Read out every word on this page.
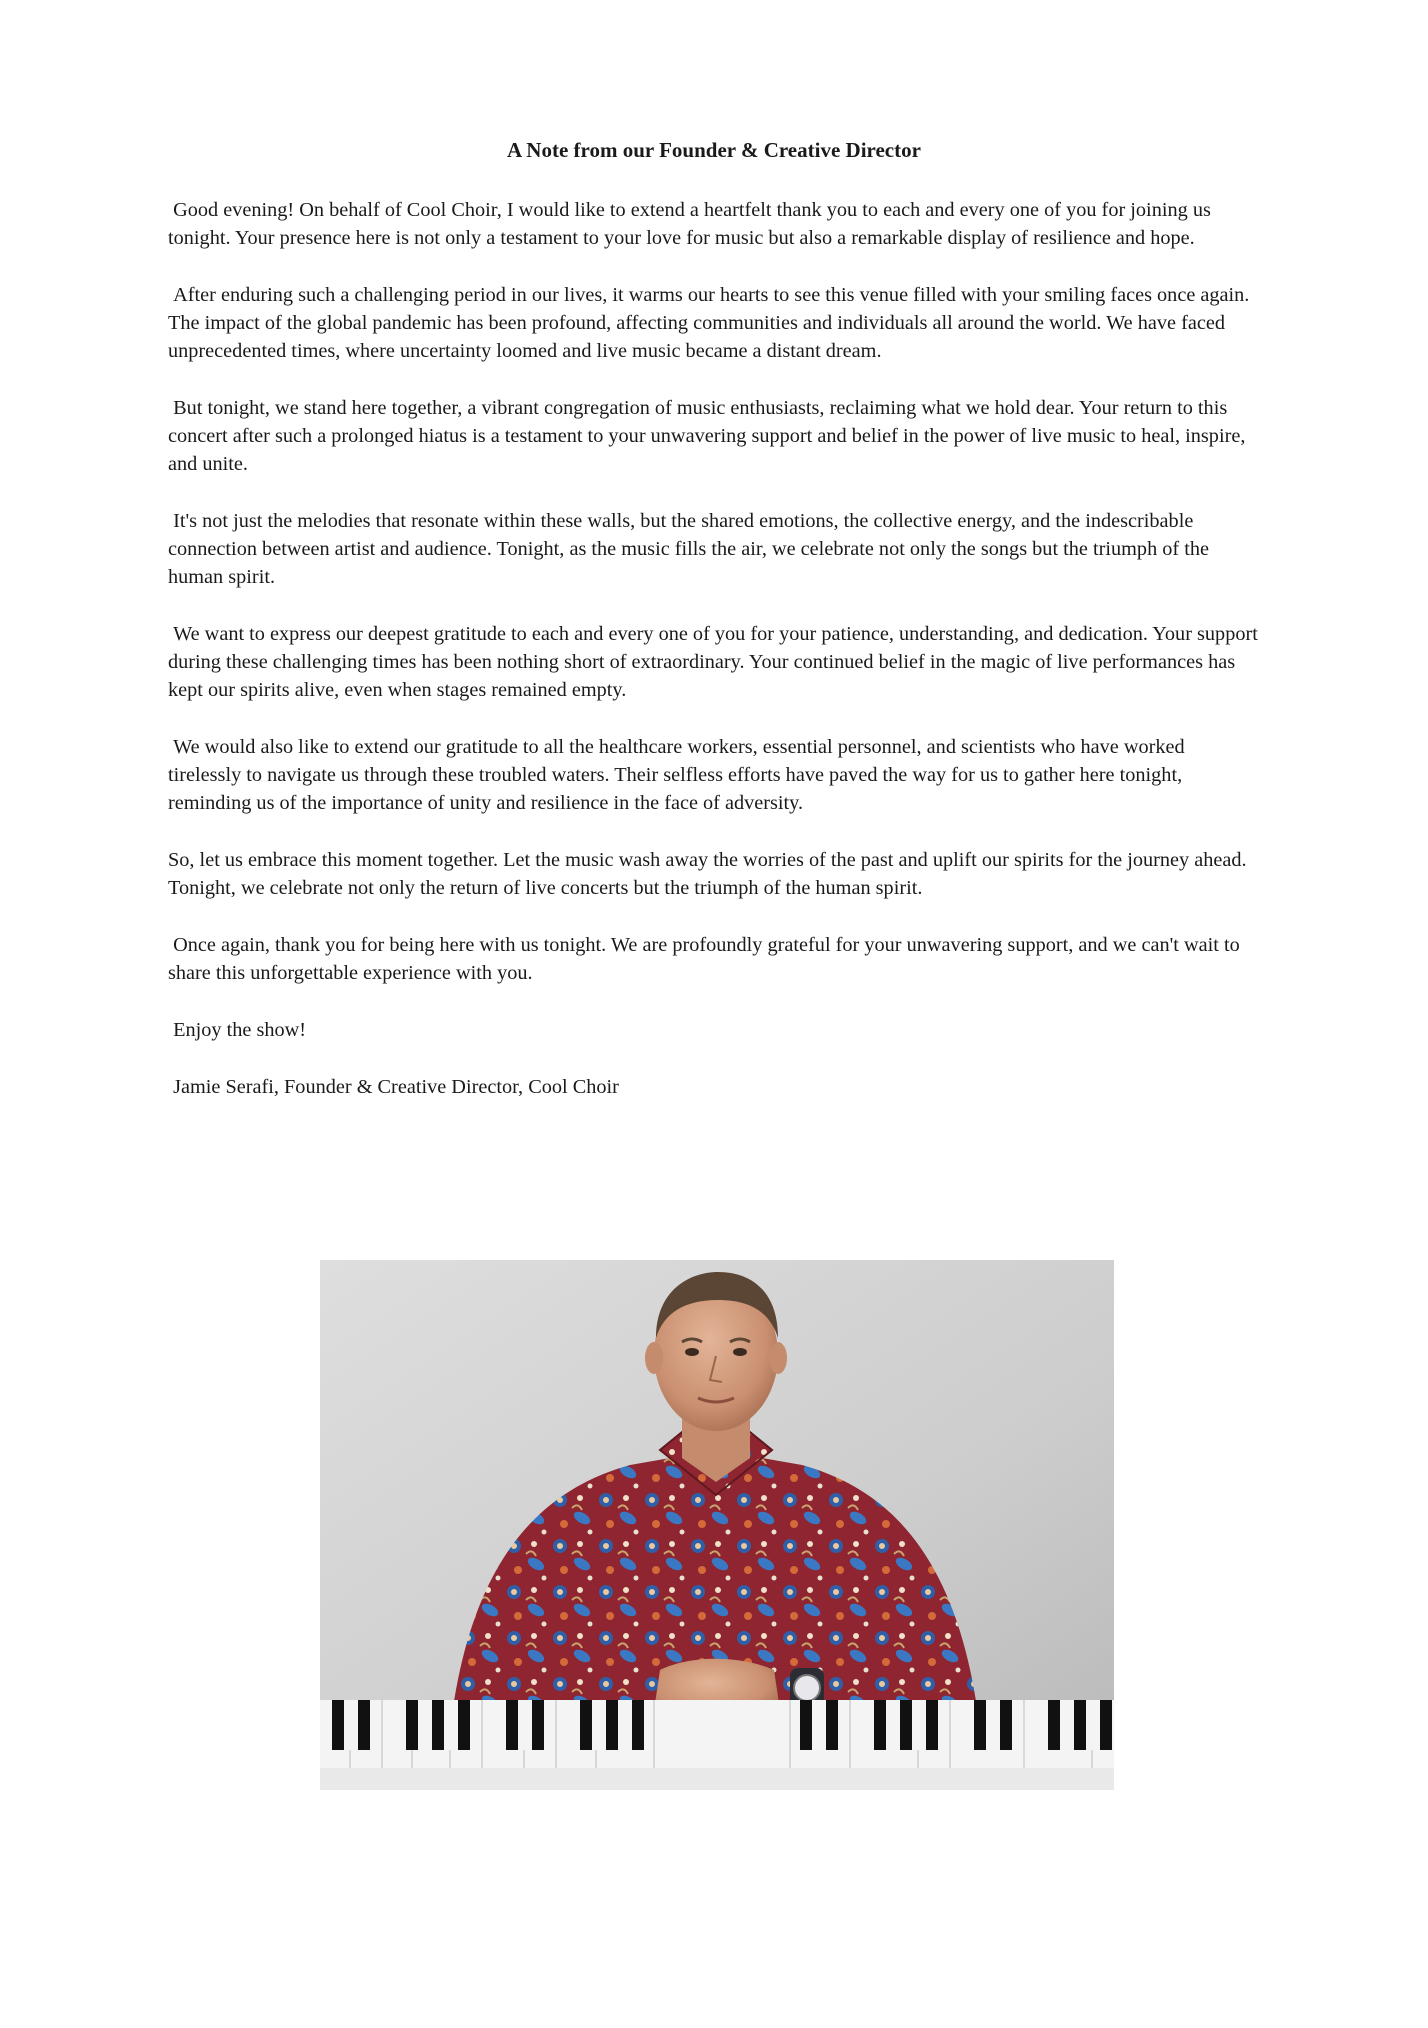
A Note from our Founder & Creative Director

Good evening! On behalf of Cool Choir, I would like to extend a heartfelt thank you to each and every one of you for joining us tonight. Your presence here is not only a testament to your love for music but also a remarkable display of resilience and hope.

After enduring such a challenging period in our lives, it warms our hearts to see this venue filled with your smiling faces once again. The impact of the global pandemic has been profound, affecting communities and individuals all around the world. We have faced unprecedented times, where uncertainty loomed and live music became a distant dream.

But tonight, we stand here together, a vibrant congregation of music enthusiasts, reclaiming what we hold dear. Your return to this concert after such a prolonged hiatus is a testament to your unwavering support and belief in the power of live music to heal, inspire, and unite.

It's not just the melodies that resonate within these walls, but the shared emotions, the collective energy, and the indescribable connection between artist and audience. Tonight, as the music fills the air, we celebrate not only the songs but the triumph of the human spirit.

We want to express our deepest gratitude to each and every one of you for your patience, understanding, and dedication. Your support during these challenging times has been nothing short of extraordinary. Your continued belief in the magic of live performances has kept our spirits alive, even when stages remained empty.

We would also like to extend our gratitude to all the healthcare workers, essential personnel, and scientists who have worked tirelessly to navigate us through these troubled waters. Their selfless efforts have paved the way for us to gather here tonight, reminding us of the importance of unity and resilience in the face of adversity.

So, let us embrace this moment together. Let the music wash away the worries of the past and uplift our spirits for the journey ahead. Tonight, we celebrate not only the return of live concerts but the triumph of the human spirit.

Once again, thank you for being here with us tonight. We are profoundly grateful for your unwavering support, and we can't wait to share this unforgettable experience with you.

Enjoy the show!

Jamie Serafi, Founder & Creative Director, Cool Choir
